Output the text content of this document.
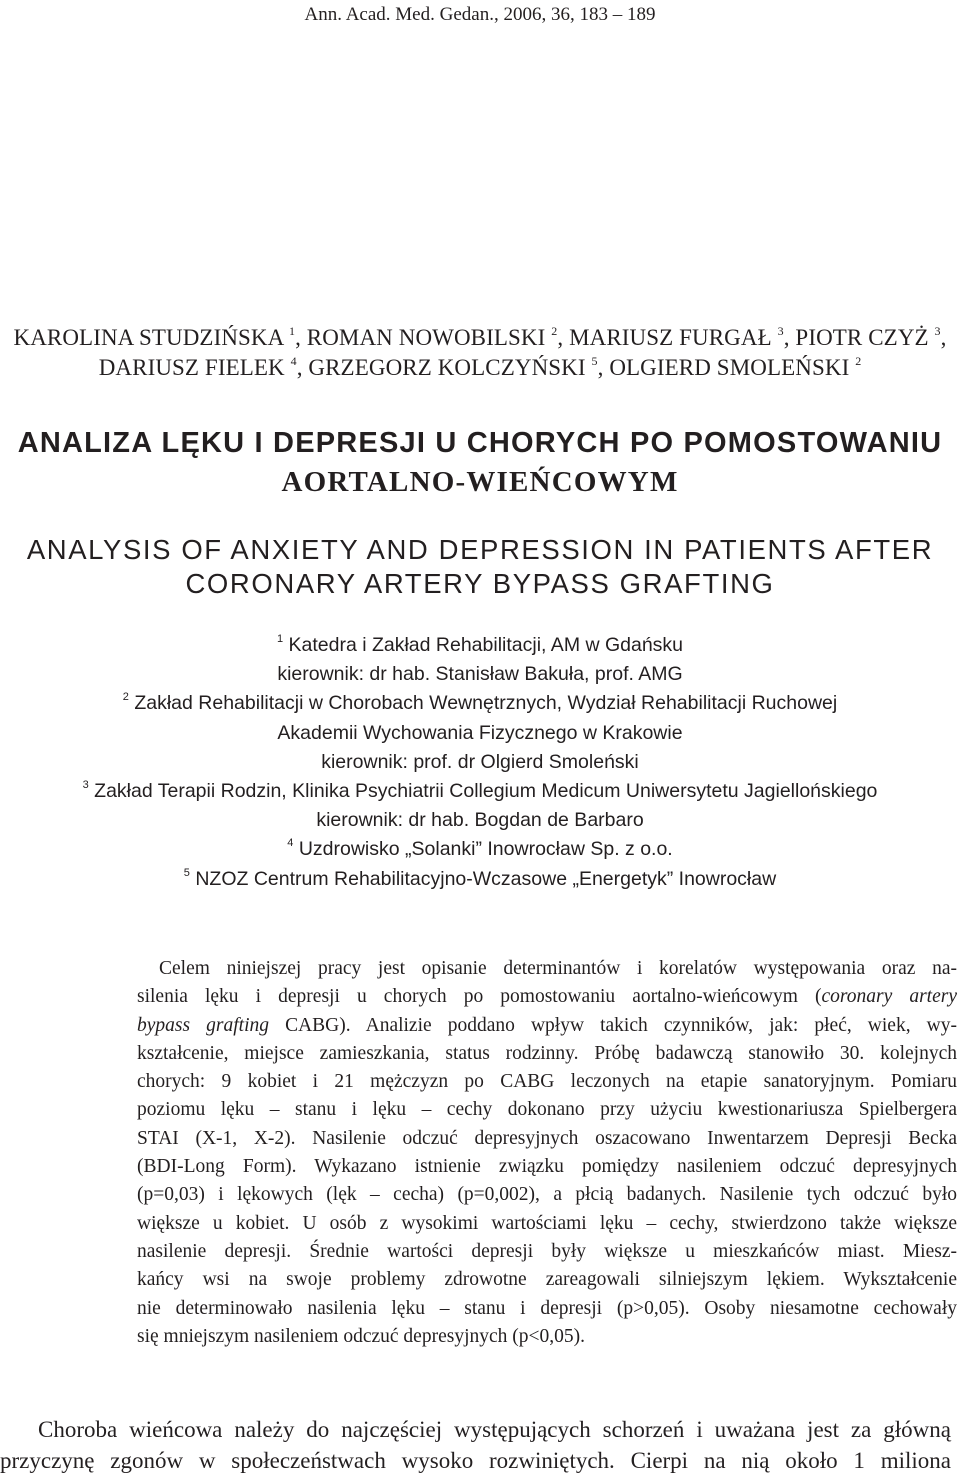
Ann. Acad. Med. Gedan., 2006, 36, 183 – 189
KAROLINA STUDZIŃSKA $^1$, ROMAN NOWOBILSKI $^2$, MARIUSZ FURGAŁ $^3$, PIOTR CZYŻ $^3$,
DARIUSZ FIELEK $^4$, GRZEGORZ KOLCZYŃSKI $^5$, OLGIERD SMOLEŃSKI $^2$
ANALIZA LĘKU I DEPRESJI U CHORYCH PO POMOSTOWANIU
AORTALNO-WIEŃCOWYM
ANALYSIS OF ANXIETY AND DEPRESSION IN PATIENTS AFTER
CORONARY ARTERY BYPASS GRAFTING
$^1$ Katedra i Zakład Rehabilitacji, AM w Gdańsku
kierownik: dr hab. Stanisław Bakuła, prof. AMG
$^2$ Zakład Rehabilitacji w Chorobach Wewnętrznych, Wydział Rehabilitacji Ruchowej
Akademii Wychowania Fizycznego w Krakowie
kierownik: prof. dr Olgierd Smoleński
$^3$ Zakład Terapii Rodzin, Klinika Psychiatrii Collegium Medicum Uniwersytetu Jagiellońskiego
kierownik: dr hab. Bogdan de Barbaro
$^4$ Uzdrowisko „Solanki” Inowrocław Sp. z o.o.
$^5$ NZOZ Centrum Rehabilitacyjno-Wczasowe „Energetyk” Inowrocław
Celem niniejszej pracy jest opisanie determinantów i korelatów występowania oraz na-
silenia lęku i depresji u chorych po pomostowaniu aortalno-wieńcowym (coronary artery
bypass grafting CABG). Analizie poddano wpływ takich czynników, jak: płeć, wiek, wy-
kształcenie, miejsce zamieszkania, status rodzinny. Próbę badawczą stanowiło 30. kolejnych
chorych: 9 kobiet i 21 mężczyzn po CABG leczonych na etapie sanatoryjnym. Pomiaru
poziomu lęku – stanu i lęku – cechy dokonano przy użyciu kwestionariusza Spielbergera
STAI (X-1, X-2). Nasilenie odczuć depresyjnych oszacowano Inwentarzem Depresji Becka
(BDI-Long Form). Wykazano istnienie związku pomiędzy nasileniem odczuć depresyjnych
(p=0,03) i lękowych (lęk – cecha) (p=0,002), a płcią badanych. Nasilenie tych odczuć było
większe u kobiet. U osób z wysokimi wartościami lęku – cechy, stwierdzono także większe
nasilenie depresji. Średnie wartości depresji były większe u mieszkańców miast. Miesz-
kańcy wsi na swoje problemy zdrowotne zareagowali silniejszym lękiem. Wykształcenie
nie determinowało nasilenia lęku – stanu i depresji (p>0,05). Osoby niesamotne cechowały
się mniejszym nasileniem odczuć depresyjnych (p<0,05).
Choroba wieńcowa należy do najczęściej występujących schorzeń i uważana jest za główną
przyczynę zgonów w społeczeństwach wysoko rozwiniętych. Cierpi na nią około 1 miliona
